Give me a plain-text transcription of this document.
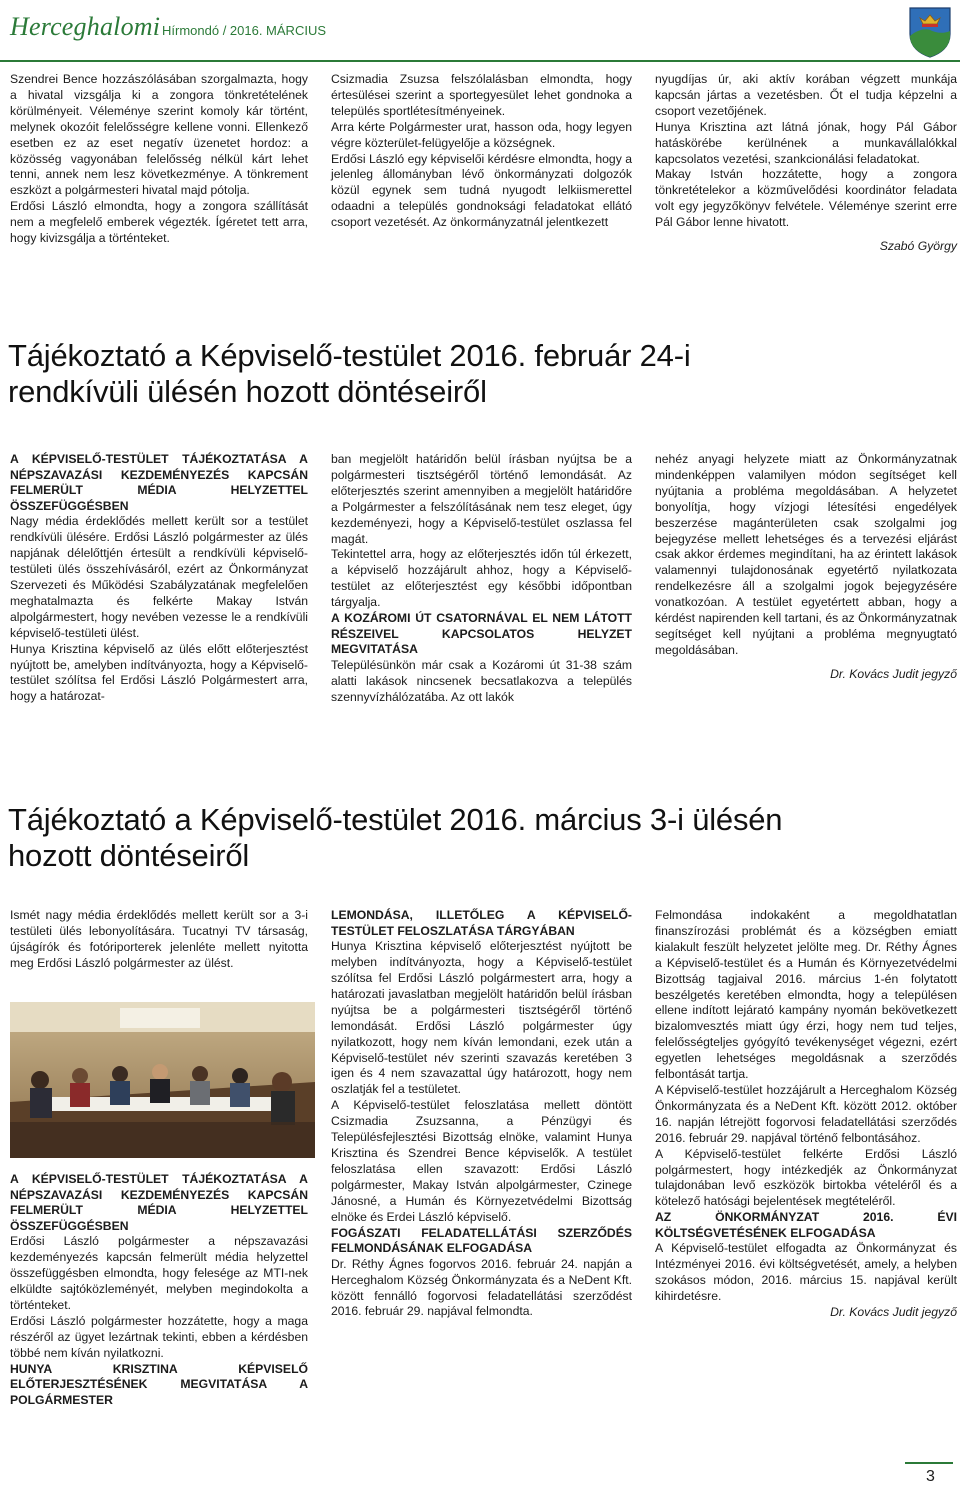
Herceghalomi Hírmondó / 2016. MÁRCIUS

Szendrei Bence hozzászólásában szorgalmazta, hogy a hivatal vizsgálja ki a zongora tönkretételének körülményeit. Véleménye szerint komoly kár történt, melynek okozóit felelősségre kellene vonni. Ellenkező esetben ez az eset negatív üzenetet hordoz: a közösség vagyonában felelősség nélkül kárt lehet tenni, annek nem lesz következménye. A tönkrement eszközt a polgármesteri hivatal majd pótolja.

Erdősi László elmondta, hogy a zongora szállítását nem a megfelelő emberek végezték. Ígéretet tett arra, hogy kivizsgálja a történteket.

Csizmadia Zsuzsa felszólalásban elmondta, hogy értesülései szerint a sportegyesület lehet gondnoka a település sportlétesítményeinek.

Arra kérte Polgármester urat, hasson oda, hogy legyen végre közterület-felügyelője a községnek.

Erdősi László egy képviselői kérdésre elmondta, hogy a jelenleg állományban lévő önkormányzati dolgozók közül egynek sem tudná nyugodt lelkiismerettel odaadni a település gondnoksági feladatokat ellátó csoport vezetését. Az önkormányzatnál jelentkezett

nyugdíjas úr, aki aktív korában végzett munkája kapcsán jártas a vezetésben. Őt el tudja képzelni a csoport vezetőjének.

Hunya Krisztina azt látná jónak, hogy Pál Gábor hatáskörébe kerülnének a munkavállalókkal kapcsolatos vezetési, szankcionálási feladatokat.

Makay István hozzátette, hogy a zongora tönkretételekor a közművelődési koordinátor feladata volt egy jegyzőkönyv felvétele. Véleménye szerint erre Pál Gábor lenne hivatott.

Szabó György

Tájékoztató a Képviselő-testület 2016. február 24-i
rendkívüli ülésén hozott döntéseiről

A KÉPVISELŐ-TESTÜLET TÁJÉKOZTATÁSA A NÉPSZAVAZÁSI KEZDEMÉNYEZÉS KAPCSÁN FELMERÜLT MÉDIA HELYZETTEL ÖSSZEFÜGGÉSBEN

Nagy média érdeklődés mellett került sor a testület rendkívüli ülésére. Erdősi László polgármester az ülés napjának délelőttjén értesült a rendkívüli képviselő-testületi ülés összehívásáról, ezért az Önkormányzat Szervezeti és Működési Szabályzatának megfelelően meghatalmazta és felkérte Makay István alpolgármestert, hogy nevében vezesse le a rendkívüli képviselő-testületi ülést.

Hunya Krisztina képviselő az ülés előtt előterjesztést nyújtott be, amelyben indítványozta, hogy a Képviselő-testület szólítsa fel Erdősi László Polgármestert arra, hogy a határozat-

ban megjelölt határidőn belül írásban nyújtsa be a polgármesteri tisztségéről történő lemondását. Az előterjesztés szerint amennyiben a megjelölt határidőre a Polgármester a felszólításának nem tesz eleget, úgy kezdeményezi, hogy a Képviselő-testület oszlassa fel magát.

Tekintettel arra, hogy az előterjesztés időn túl érkezett, a képviselő hozzájárult ahhoz, hogy a Képviselő-testület az előterjesztést egy későbbi időpontban tárgyalja.

A KOZÁROMI ÚT CSATORNÁVAL EL NEM LÁTOTT RÉSZEIVEL KAPCSOLATOS HELYZET MEGVITATÁSA

Településünkön már csak a Kozáromi út 31-38 szám alatti lakások nincsenek becsatlakozva a település szennyvízhálózatába. Az ott lakók

nehéz anyagi helyzete miatt az Önkormányzatnak mindenképpen valamilyen módon segítséget kell nyújtania a probléma megoldásában. A helyzetet bonyolítja, hogy vízjogi létesítési engedélyek beszerzése magánterületen csak szolgalmi jog bejegyzése mellett lehetséges és a tervezési eljárást csak akkor érdemes megindítani, ha az érintett lakások valamennyi tulajdonosának egyetértő nyilatkozata rendelkezésre áll a szolgalmi jogok bejegyzésére vonatkozóan. A testület egyetértett abban, hogy a kérdést napirenden kell tartani, és az Önkormányzatnak segítséget kell nyújtani a probléma megnyugtató megoldásában.

Dr. Kovács Judit jegyző

Tájékoztató a Képviselő-testület 2016. március 3-i ülésén
hozott döntéseiről

Ismét nagy média érdeklődés mellett került sor a 3-i testületi ülés lebonyolítására. Tucatnyi TV társaság, újságírók és fotóriporterek jelenléte mellett nyitotta meg Erdősi László polgármester az ülést.

A KÉPVISELŐ-TESTÜLET TÁJÉKOZTATÁSA A NÉPSZAVAZÁSI KEZDEMÉNYEZÉS KAPCSÁN FELMERÜLT MÉDIA HELYZETTEL ÖSSZEFÜGGÉSBEN

Erdősi László polgármester a népszavazási kezdeményezés kapcsán felmerült média helyzettel összefüggésben elmondta, hogy felesége az MTI-nek elküldte sajtóközleményét, melyben megindokolta a történteket.

Erdősi László polgármester hozzátette, hogy a maga részéről az ügyet lezártnak tekinti, ebben a kérdésben többé nem kíván nyilatkozni.

HUNYA KRISZTINA KÉPVISELŐ ELŐTERJESZTÉSÉNEK MEGVITATÁSA A POLGÁRMESTER

LEMONDÁSA, ILLETŐLEG A KÉPVISELŐ-TESTÜLET FELOSZLATÁSA TÁRGYÁBAN

Hunya Krisztina képviselő előterjesztést nyújtott be melyben indítványozta, hogy a Képviselő-testület szólítsa fel Erdősi László polgármestert arra, hogy a határozati javaslatban megjelölt határidőn belül írásban nyújtsa be a polgármesteri tisztségéről történő lemondását. Erdősi László polgármester úgy nyilatkozott, hogy nem kíván lemondani, ezek után a Képviselő-testület név szerinti szavazás keretében 3 igen és 4 nem szavazattal úgy határozott, hogy nem oszlatják fel a testületet.

A Képviselő-testület feloszlatása mellett döntött Csizmadia Zsuzsanna, a Pénzügyi és Településfejlesztési Bizottság elnöke, valamint Hunya Krisztina és Szendrei Bence képviselők. A testület feloszlatása ellen szavazott: Erdősi László polgármester, Makay István alpolgármester, Czinege Jánosné, a Humán és Környezetvédelmi Bizottság elnöke és Erdei László képviselő.

FOGÁSZATI FELADATELLÁTÁSI SZERZŐDÉS FELMONDÁSÁNAK ELFOGADÁSA

Dr. Réthy Ágnes fogorvos 2016. február 24. napján a Herceghalom Község Önkormányzata és a NeDent Kft. között fennálló fogorvosi feladatellátási szerződést 2016. február 29. napjával felmondta.

Felmondása indokaként a megoldhatatlan finanszírozási problémát és a községben emiatt kialakult feszült helyzetet jelölte meg. Dr. Réthy Ágnes a Képviselő-testület és a Humán és Környezetvédelmi Bizottság tagjaival 2016. március 1-én folytatott beszélgetés keretében elmondta, hogy a településen ellene indított lejárató kampány nyomán bekövetkezett bizalomvesztés miatt úgy érzi, hogy nem tud teljes, felelősségteljes gyógyító tevékenységet végezni, ezért egyetlen lehetséges megoldásnak a szerződés felbontását tartja.

A Képviselő-testület hozzájárult a Herceghalom Község Önkormányzata és a NeDent Kft. között 2012. október 16. napján létrejött fogorvosi feladatellátási szerződés 2016. február 29. napjával történő felbontásához.

A Képviselő-testület felkérte Erdősi László polgármestert, hogy intézkedjék az Önkormányzat tulajdonában levő eszközök birtokba vételéről és a kötelező hatósági bejelentések megtételéről.

AZ ÖNKORMÁNYZAT 2016. ÉVI KÖLTSÉGVETÉSÉNEK ELFOGADÁSA

A Képviselő-testület elfogadta az Önkormányzat és Intézményei 2016. évi költségvetését, amely, a helyben szokásos módon, 2016. március 15. napjával került kihirdetésre.

Dr. Kovács Judit jegyző

3
